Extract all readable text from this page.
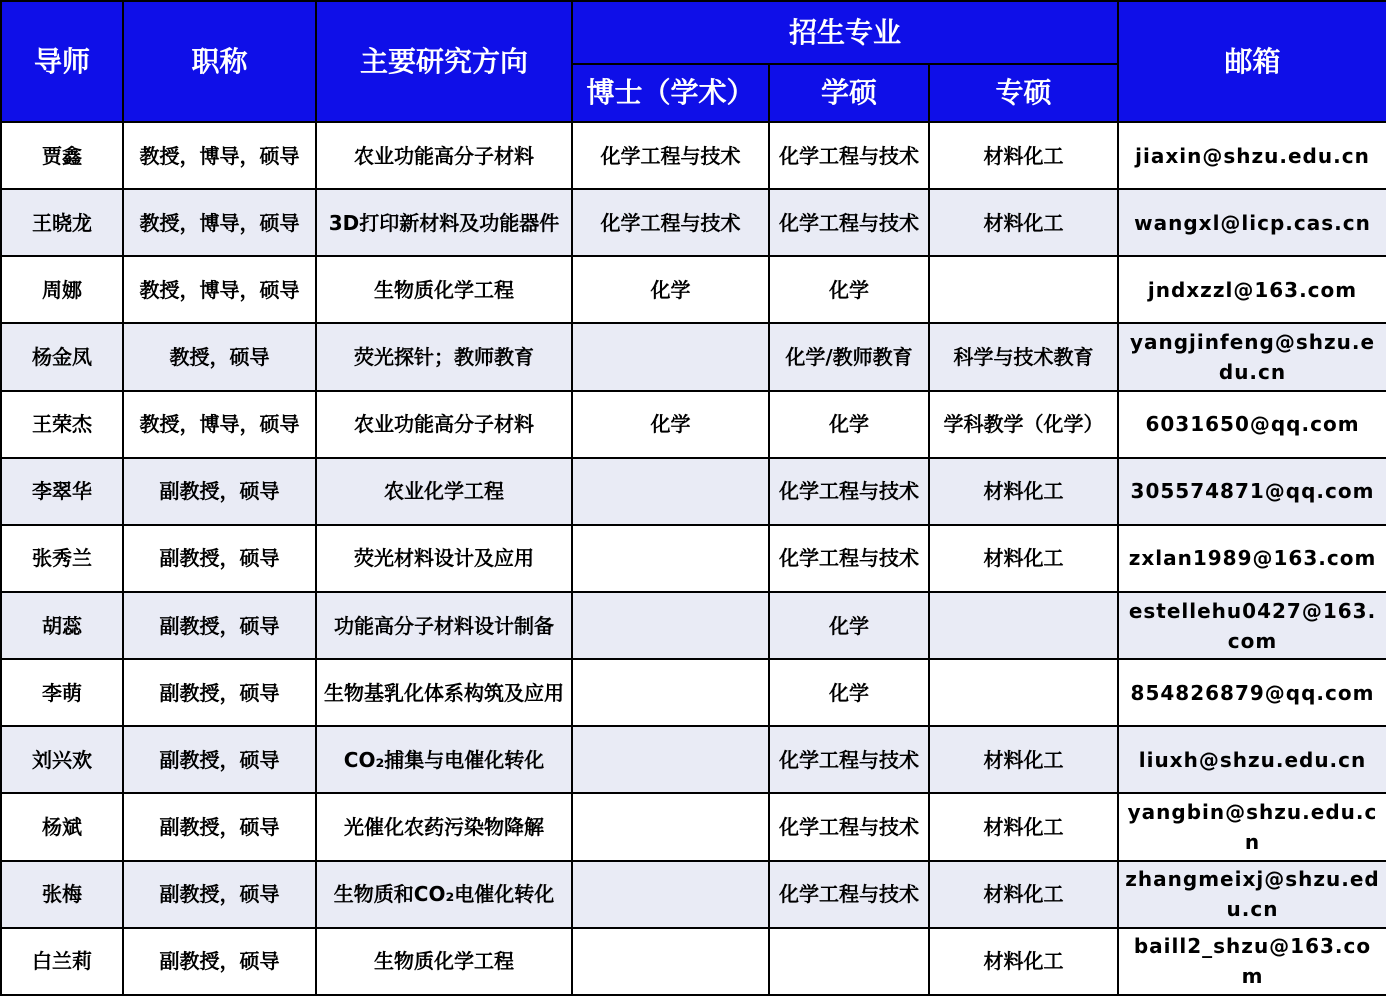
导师	职称	主要研究方向	招生专业			邮箱
			博士（学术）	学硕	专硕	
贾鑫	教授，博导，硕导	农业功能高分子材料	化学工程与技术	化学工程与技术	材料化工	jiaxin@shzu.edu.cn
王晓龙	教授，博导，硕导	3D打印新材料及功能器件	化学工程与技术	化学工程与技术	材料化工	wangxl@licp.cas.cn
周娜	教授，博导，硕导	生物质化学工程	化学	化学		jndxzzl@163.com
杨金凤	教授，硕导	荧光探针；教师教育		化学/教师教育	科学与技术教育	yangjinfeng@shzu.edu.cn
王荣杰	教授，博导，硕导	农业功能高分子材料	化学	化学	学科教学（化学）	6031650@qq.com
李翠华	副教授，硕导	农业化学工程		化学工程与技术	材料化工	305574871@qq.com
张秀兰	副教授，硕导	荧光材料设计及应用		化学工程与技术	材料化工	zxlan1989@163.com
胡蕊	副教授，硕导	功能高分子材料设计制备		化学		estellehu0427@163.com
李萌	副教授，硕导	生物基乳化体系构筑及应用		化学		854826879@qq.com
刘兴欢	副教授，硕导	CO₂捕集与电催化转化		化学工程与技术	材料化工	liuxh@shzu.edu.cn
杨斌	副教授，硕导	光催化农药污染物降解		化学工程与技术	材料化工	yangbin@shzu.edu.cn
张梅	副教授，硕导	生物质和CO₂电催化转化		化学工程与技术	材料化工	zhangmeixj@shzu.edu.cn
白兰莉	副教授，硕导	生物质化学工程			材料化工	baill2_shzu@163.com
